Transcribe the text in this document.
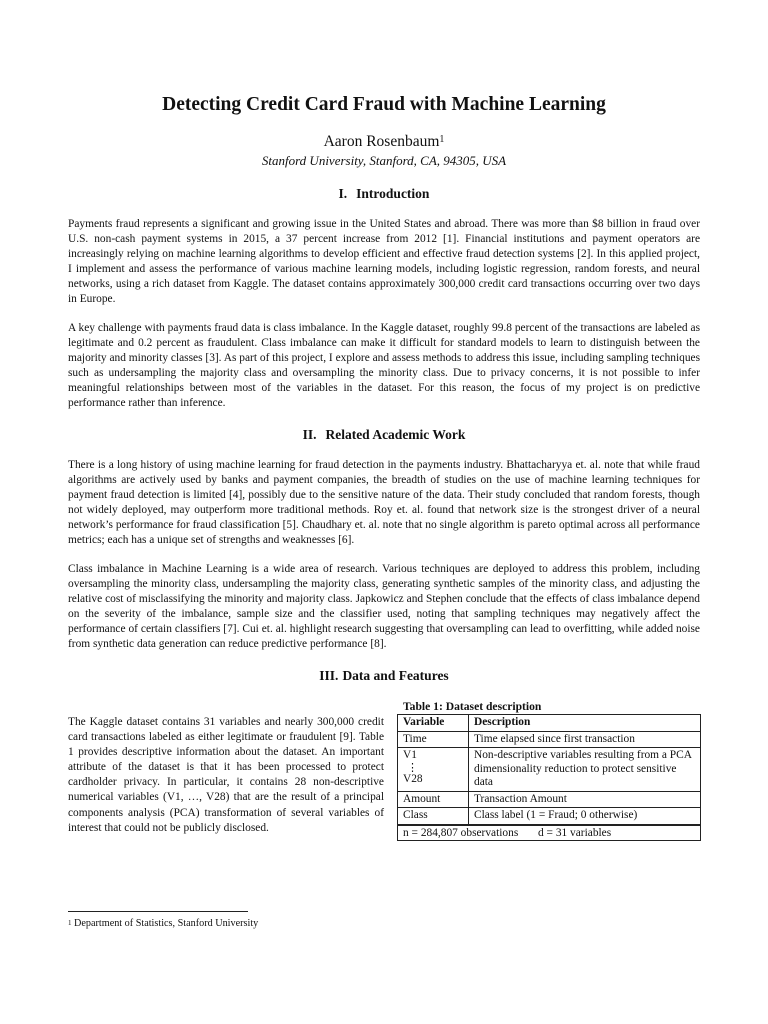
Detecting Credit Card Fraud with Machine Learning
Aaron Rosenbaum$^1$
Stanford University, Stanford, CA, 94305, USA
I. Introduction

Payments fraud represents a significant and growing issue in the United States and abroad. There was more than $8 billion in fraud over U.S. non-cash payment systems in 2015, a 37 percent increase from 2012 [1]. Financial institutions and payment operators are increasingly relying on machine learning algorithms to develop efficient and effective fraud detection systems [2]. In this applied project, I implement and assess the performance of various machine learning models, including logistic regression, random forests, and neural networks, using a rich dataset from Kaggle. The dataset contains approximately 300,000 credit card transactions occurring over two days in Europe.

A key challenge with payments fraud data is class imbalance. In the Kaggle dataset, roughly 99.8 percent of the transactions are labeled as legitimate and 0.2 percent as fraudulent. Class imbalance can make it difficult for standard models to learn to distinguish between the majority and minority classes [3]. As part of this project, I explore and assess methods to address this issue, including sampling techniques such as undersampling the majority class and oversampling the minority class. Due to privacy concerns, it is not possible to infer meaningful relationships between most of the variables in the dataset. For this reason, the focus of my project is on predictive performance rather than inference.

II. Related Academic Work

There is a long history of using machine learning for fraud detection in the payments industry. Bhattacharyya et. al. note that while fraud algorithms are actively used by banks and payment companies, the breadth of studies on the use of machine learning techniques for payment fraud detection is limited [4], possibly due to the sensitive nature of the data. Their study concluded that random forests, though not widely deployed, may outperform more traditional methods. Roy et. al. found that network size is the strongest driver of a neural network’s performance for fraud classification [5]. Chaudhary et. al. note that no single algorithm is pareto optimal across all performance metrics; each has a unique set of strengths and weaknesses [6].

Class imbalance in Machine Learning is a wide area of research. Various techniques are deployed to address this problem, including oversampling the minority class, undersampling the majority class, generating synthetic samples of the minority class, and adjusting the relative cost of misclassifying the minority and majority class. Japkowicz and Stephen conclude that the effects of class imbalance depend on the severity of the imbalance, sample size and the classifier used, noting that sampling techniques may negatively affect the performance of certain classifiers [7]. Cui et. al. highlight research suggesting that oversampling can lead to overfitting, while added noise from synthetic data generation can reduce predictive performance [8].

III. Data and Features

The Kaggle dataset contains 31 variables and nearly 300,000 credit card transactions labeled as either legitimate or fraudulent [9]. Table 1 provides descriptive information about the dataset. An important attribute of the dataset is that it has been processed to protect cardholder privacy. In particular, it contains 28 non-descriptive numerical variables (V1, …, V28) that are the result of a principal components analysis (PCA) transformation of several variables of interest that could not be publicly disclosed.

Table 1: Dataset description
Variable	Description
Time	Time elapsed since first transaction

V1
⋮
V28	Non-descriptive variables resulting from a PCA dimensionality reduction to protect sensitive data
Amount	Transaction Amount
Class	Class label (1 = Fraud; 0 otherwise)
n = 284,807 observations	d = 31 variables
$^1$ Department of Statistics, Stanford University
